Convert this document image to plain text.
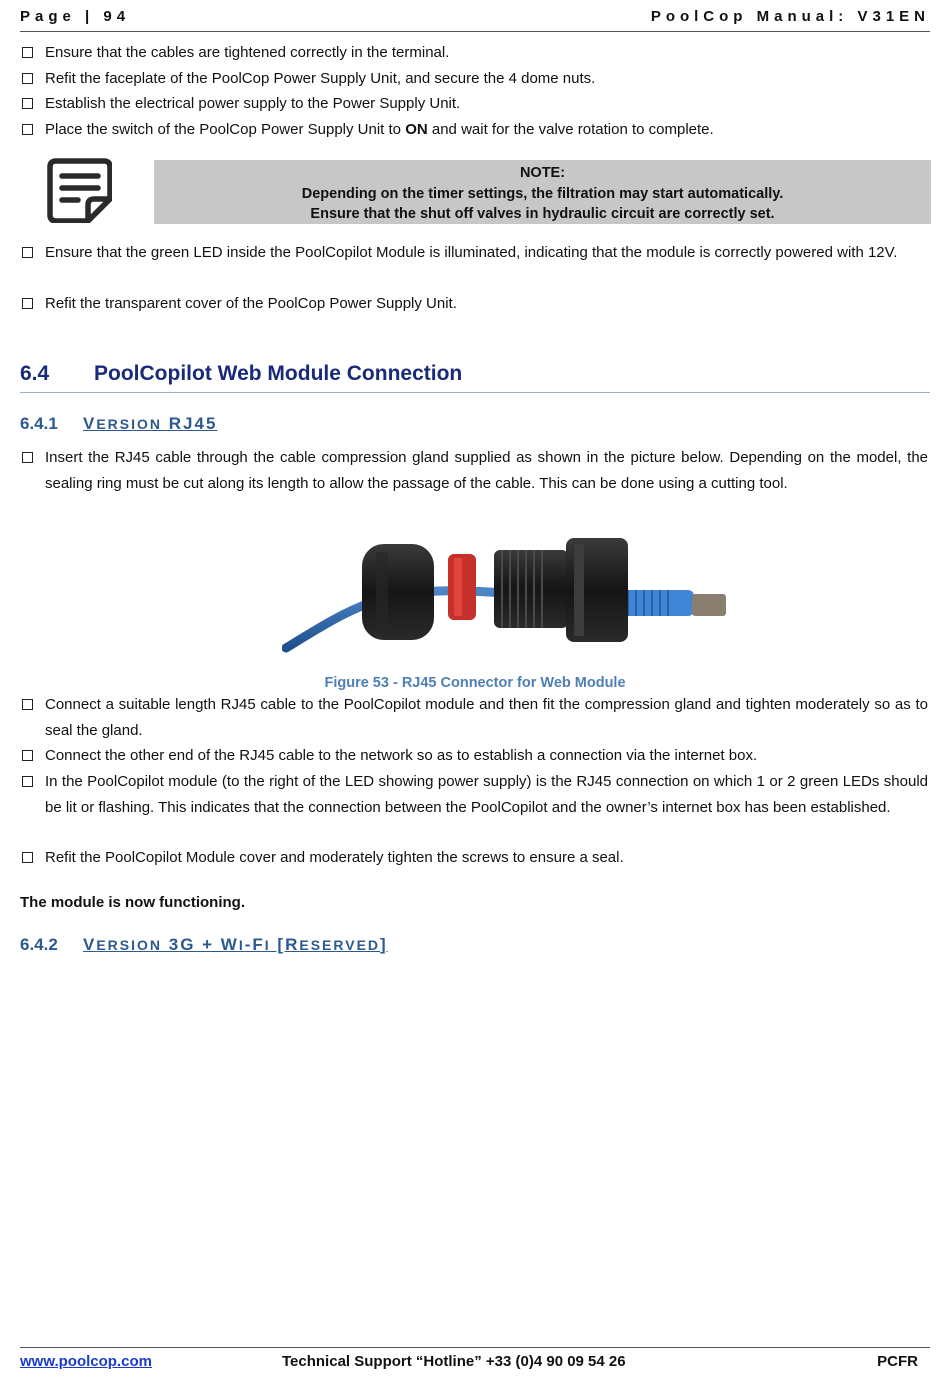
Page | 94	PoolCop Manual: V31EN
Ensure that the cables are tightened correctly in the terminal.
Refit the faceplate of the PoolCop Power Supply Unit, and secure the 4 dome nuts.
Establish the electrical power supply to the Power Supply Unit.
Place the switch of the PoolCop Power Supply Unit to ON and wait for the valve rotation to complete.
NOTE:
Depending on the timer settings, the filtration may start automatically.
Ensure that the shut off valves in hydraulic circuit are correctly set.
Ensure that the green LED inside the PoolCopilot Module is illuminated, indicating that the module is correctly powered with 12V.
Refit the transparent cover of the PoolCop Power Supply Unit.
6.4 PoolCopilot Web Module Connection
6.4.1 VERSION RJ45
Insert the RJ45 cable through the cable compression gland supplied as shown in the picture below. Depending on the model, the sealing ring must be cut along its length to allow the passage of the cable. This can be done using a cutting tool.
Figure 53 - RJ45 Connector for Web Module
Connect a suitable length RJ45 cable to the PoolCopilot module and then fit the compression gland and tighten moderately so as to seal the gland.
Connect the other end of the RJ45 cable to the network so as to establish a connection via the internet box.
In the PoolCopilot module (to the right of the LED showing power supply) is the RJ45 connection on which 1 or 2 green LEDs should be lit or flashing. This indicates that the connection between the PoolCopilot and the owner’s internet box has been established.
Refit the PoolCopilot Module cover and moderately tighten the screws to ensure a seal.
The module is now functioning.
6.4.2 VERSION 3G + WI-FI [RESERVED]
www.poolcop.com	Technical Support “Hotline” +33 (0)4 90 09 54 26	PCFR
